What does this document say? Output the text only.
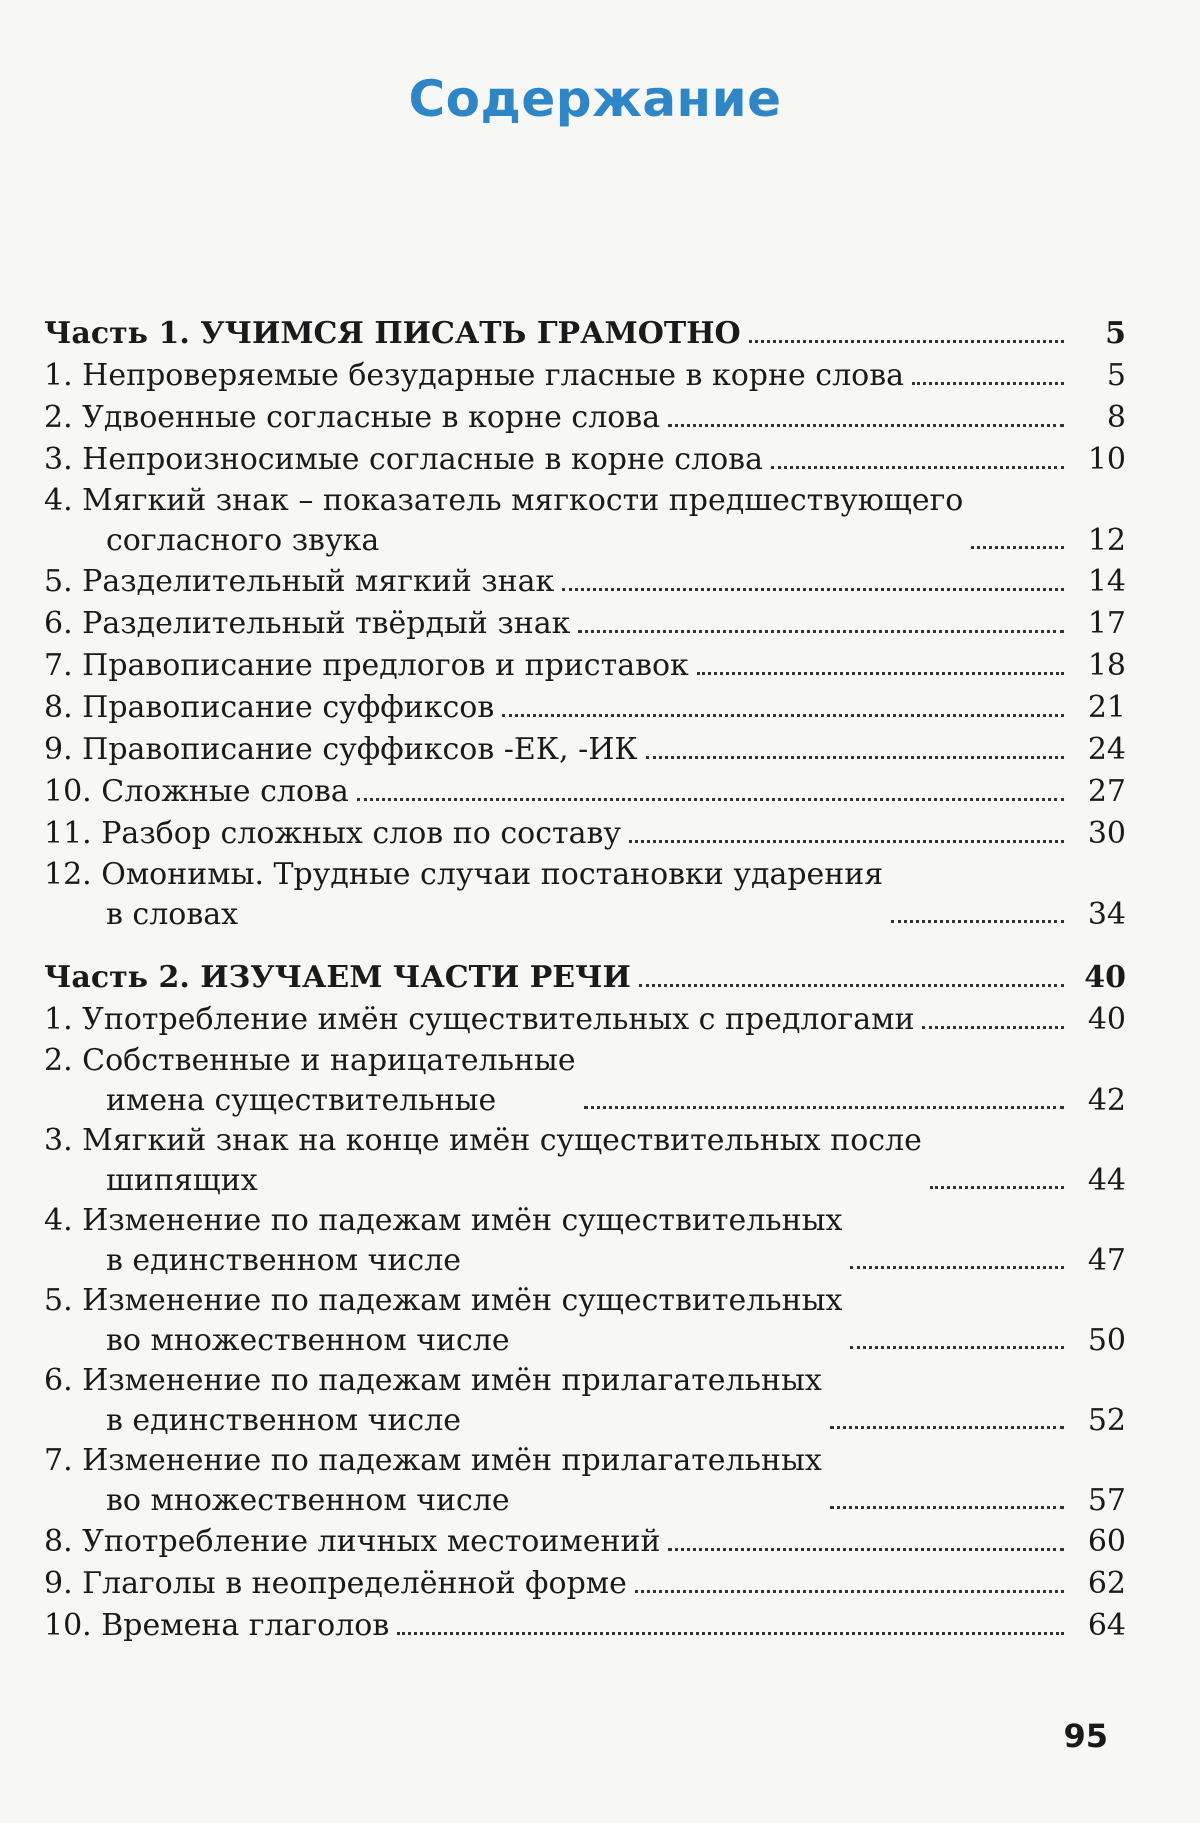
Содержание
Часть 1. УЧИМСЯ ПИСАТЬ ГРАМОТНО	5
1. Непроверяемые безударные гласные в корне слова	5
2. Удвоенные согласные в корне слова	8
3. Непроизносимые согласные в корне слова	10
4. Мягкий знак – показатель мягкости предшествующего
согласного звука	12
5. Разделительный мягкий знак	14
6. Разделительный твёрдый знак	17
7. Правописание предлогов и приставок	18
8. Правописание суффиксов	21
9. Правописание суффиксов -ЕК, -ИК	24
10. Сложные слова	27
11. Разбор сложных слов по составу	30
12. Омонимы. Трудные случаи постановки ударения
в словах	34
Часть 2. ИЗУЧАЕМ ЧАСТИ РЕЧИ	40
1. Употребление имён существительных с предлогами	40
2. Собственные и нарицательные
имена существительные	42
3. Мягкий знак на конце имён существительных после
шипящих	44
4. Изменение по падежам имён существительных
в единственном числе	47
5. Изменение по падежам имён существительных
во множественном числе	50
6. Изменение по падежам имён прилагательных
в единственном числе	52
7. Изменение по падежам имён прилагательных
во множественном числе	57
8. Употребление личных местоимений	60
9. Глаголы в неопределённой форме	62
10. Времена глаголов	64
95
